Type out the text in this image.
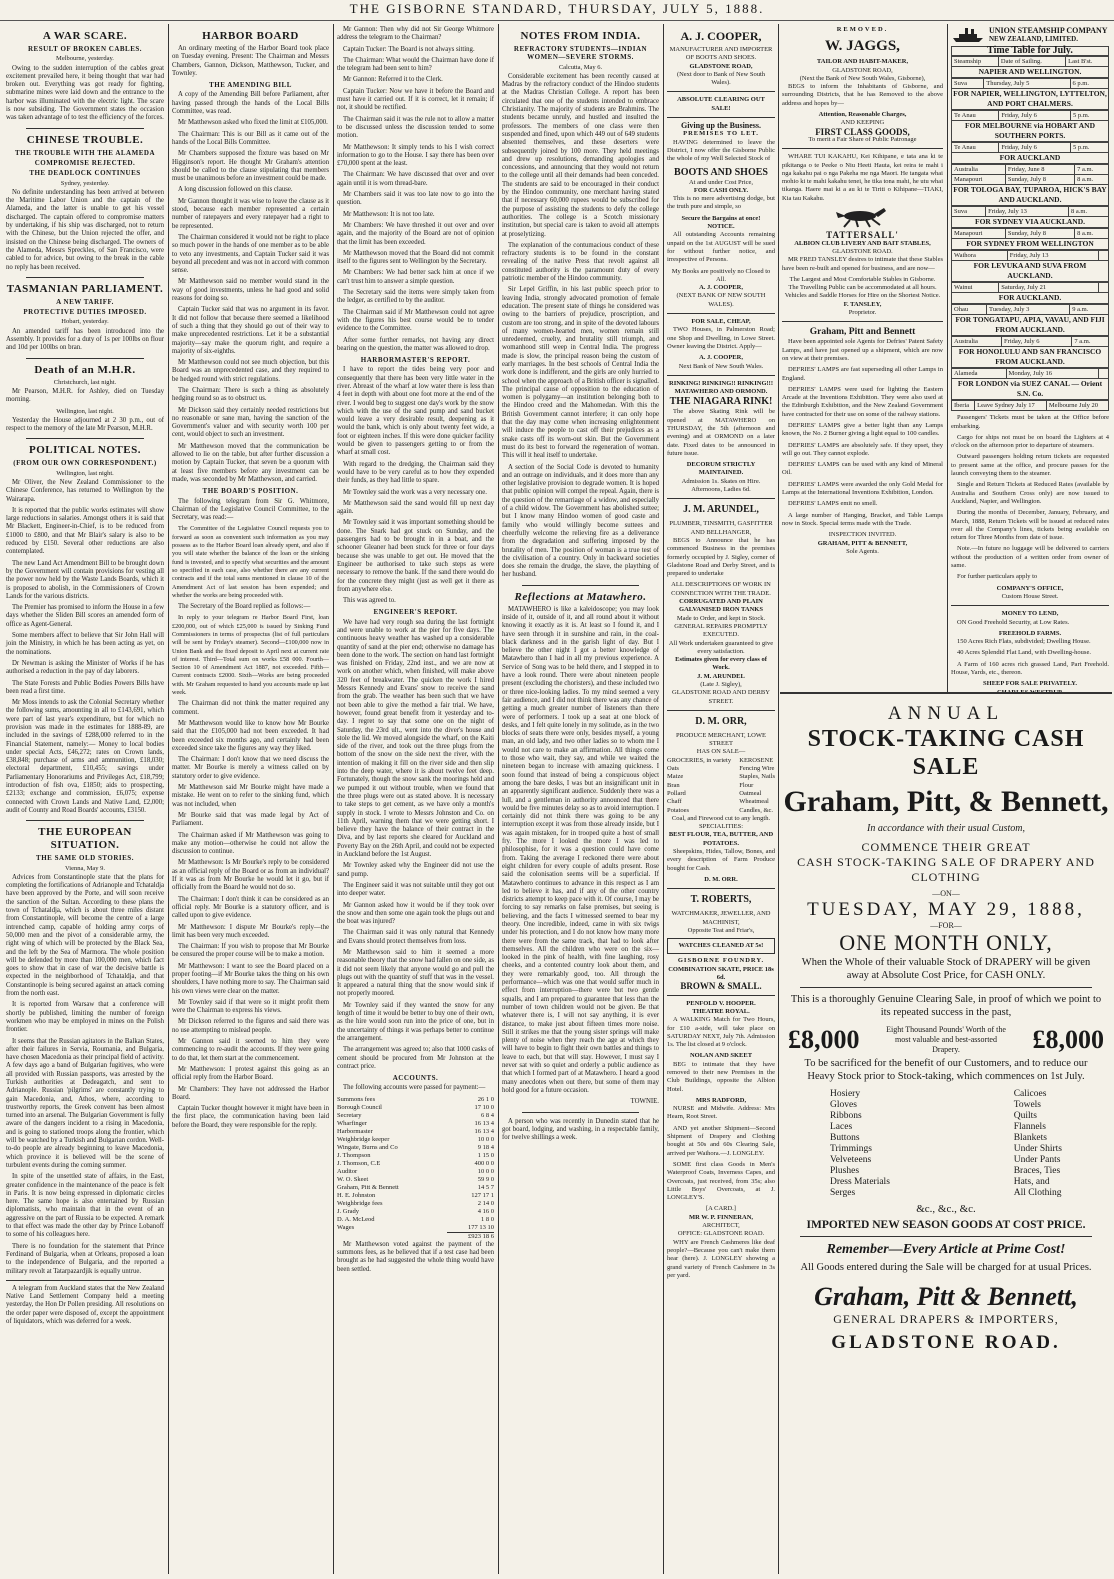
THE GISBORNE STANDARD, THURSDAY, JULY 5, 1888.
A WAR SCARE.
RESULT OF BROKEN CABLES.
Melbourne, yesterday.

Owing to the sudden interruption of the cables great excitement prevailed here, it being thought that war had broken out. Everything was got ready for fighting, submarine mines were laid down and the entrance to the harbor was illuminated with the electric light. The scare is now subsiding. The Government states the occasion was taken advantage of to test the efficiency of the forces.

CHINESE TROUBLE.
THE TROUBLE WITH THE ALAMEDA
COMPROMISE REJECTED.
THE DEADLOCK CONTINUES
Sydney, yesterday.

No definite understanding has been arrived at between the Maritime Labor Union and the captain of the Alameda, and the latter is unable to get his vessel discharged. The captain offered to compromise matters by undertaking, if his ship was discharged, not to return with the Chinese, but the Union rejected the offer, and insisted on the Chinese being discharged. The owners of the Alameda, Messrs Spreckles, of San Francisco, were cabled to for advice, but owing to the break in the cable no reply has been received.

TASMANIAN PARLIAMENT.
A NEW TARIFF.
PROTECTIVE DUTIES IMPOSED.
Hobart, yesterday.

An amended tariff has been introduced into the Assembly. It provides for a duty of 1s per 100lbs on flour and 10d per 100lbs on bran.

Death of an M.H.R.
Christchurch, last night.

Mr Pearson, M.H.R. for Ashley, died on Tuesday morning.

Wellington, last night.

Yesterday the House adjourned at 2 30 p.m., out of respect to the memory of the late Mr Pearson, M.H.R.

POLITICAL NOTES.
(FROM OUR OWN CORRESPONDENT.)
Wellington, last night.

Mr Oliver, the New Zealand Commissioner to the Chinese Conference, has returned to Wellington by the Wairarapa.

It is reported that the public works estimates will show large reductions in salaries. Amongst others it is said that Mr Blackett, Engineer-in-Chief, is to be reduced from £1000 to £800, and that Mr Blair's salary is also to be reduced by £150. Several other reductions are also contemplated.

The new Land Act Amendment Bill to be brought down by the Government will contain provisions for vesting all the power now held by the Waste Lands Boards, which it is proposed to abolish, in the Commissioners of Crown Lands for the various districts.

The Premier has promised to inform the House in a few days whether the Sliden Bill scores an amended form of office as Agent-General.

Some members affect to believe that Sir John Hall will join the Ministry, in which he has been acting as yet, on the nominations.

Dr Newman is asking the Minister of Works if he has authorised a reduction in the pay of day laborers.

The State Forests and Public Bodies Powers Bills have been read a first time.

Mr Moss intends to ask the Colonial Secretary whether the following sums, amounting in all to £143,691, which were part of last year's expenditure, but for which no provision was made in the estimates for 1888-89, are included in the savings of £288,000 referred to in the Financial Statement, namely:— Money to local bodies under special Acts, £46,272; rates on Crown lands, £38,848; purchase of arms and ammunition, £18,030; electoral department, £10,455; savings under Parliamentary Honorariums and Privileges Act, £18,799; introduction of fish ova, £1850; aids to prospecting, £2133; exchange and commission, £6,075; expense connected with Crown Lands and Native Land, £2,000; audit of County and Road Boards' accounts, £3150.

THE EUROPEAN SITUATION.
THE SAME OLD STORIES.
Vienna, May 9.

Advices from Constantinople state that the plans for completing the fortifications of Adrianople and Tchataldja have been approved by the Porte, and will soon receive the sanction of the Sultan. According to these plans the town of Tchataldja, which is about three miles distant from Constantinople, will become the centre of a large intrenched camp, capable of holding army corps of 50,000 men and the pivot of a considerable army, the right wing of which will be protected by the Black Sea, and the left by the Sea of Marmora. The whole position will be defended by more than 100,000 men, which fact goes to show that in case of war the decisive battle is expected in the neighborhood of Tchataldja, and that Constantinople is being secured against an attack coming from the north east.

It is reported from Warsaw that a conference will shortly be published, limiting the number of foreign workmen who may be employed in mines on the Polish frontier.

It seems that the Russian agitators in the Balkan States, after their failures in Servia, Roumania, and Bulgaria, have chosen Macedonia as their principal field of activity. A few days ago a band of Bulgarian fugitives, who were all provided with Russian passports, was arrested by the Turkish authorities at Dedeagatch, and sent to Adrianople. Russian 'pilgrims' are constantly trying to gain Macedonia, and, Athos, where, according to trustworthy reports, the Greek convent has been almost turned into an arsenal. The Bulgarian Government is fully aware of the dangers incident to a rising in Macedonia, and is going to stationed troops along the frontier, which will be watched by a Turkish and Bulgarian cordon. Well-to-do people are already beginning to leave Macedonia, which province it is believed will be the scene of turbulent events during the coming summer.

In spite of the unsettled state of affairs, in the East, greater confidence in the maintenance of the peace is felt in Paris. It is now being expressed in diplomatic circles here. The same hope is also entertained by Russian diplomatists, who maintain that in the event of an aggressive on the part of Russia to be expected. A remark to that effect was made the other day by Prince Lobanoff to some of his colleagues here.

There is no foundation for the statement that Prince Ferdinand of Bulgaria, when at Orleans, proposed a loan to the independence of Bulgaria, and the reported a military revolt at Tatarpazardjik is equally untrue.

A telegram from Auckland states that the New Zealand Native Land Settlement Company held a meeting yesterday, the Hon Dr Pollen presiding. All resolutions on the order paper were disposed of, except the appointment of liquidators, which was deferred for a week.

HARBOR BOARD

An ordinary meeting of the Harbor Board took place on Tuesday evening. Present: The Chairman and Messrs Chambers, Gannon, Dickson, Matthewson, Tucker, and Townley.

THE AMENDING BILL

A copy of the Amending Bill before Parliament, after having passed through the hands of the Local Bills Committee, was read.

Mr Matthewson asked who fixed the limit at £105,000.

The Chairman: This is our Bill as it came out of the hands of the Local Bills Committee.

Mr Chambers supposed the fixture was based on Mr Higginson's report. He thought Mr Graham's attention should be called to the clause stipulating that members must be unanimous before an investment could be made.

A long discussion followed on this clause.

Mr Gannon thought it was wise to leave the clause as it stood, because each member represented a certain number of ratepayers and every ratepayer had a right to be represented.

The Chairman considered it would not be right to place so much power in the hands of one member as to be able to veto any investments, and Captain Tucker said it was beyond all precedent and was not in accord with common sense.

Mr Matthewson said no member would stand in the way of good investments, unless he had good and solid reasons for doing so.

Captain Tucker said that was no argument in its favor. It did not follow that because there seemed a likelihood of such a thing that they should go out of their way to make unprecedented restrictions. Let it be a substantial majority—say make the quorum right, and require a majority of six-eighths.

Mr Matthewson could not see much objection, but this Board was an unprecedented case, and they required to be hedged round with strict regulations.

The Chairman: There is such a thing as absolutely hedging round so as to obstruct us.

Mr Dickson said they certainly needed restrictions but no reasonable or sane man, having the sanction of the Government's valuer and with security worth 100 per cent, would object to such an investment.

Mr Matthewson moved that the communication be allowed to lie on the table, but after further discussion a motion by Captain Tucker, that seven be a quorum with at least five members before any investment can be made, was seconded by Mr Matthewson, and carried.

THE BOARD'S POSITION.

The following telegram from Sir G. Whitmore, Chairman of the Legislative Council Committee, to the Secretary, was read:—

The Committee of the Legislative Council requests you to forward as soon as convenient such information as you may possess as to the Harbor Board loan already spent, and also if you will state whether the balance of the loan or the sinking fund is invested, and to specify what securities and the amount so specified in each case, also whether there are any current contracts and if the total sums mentioned in clause 10 of the Amendment Act of last session has been expended; and whether the works are being proceeded with.

The Secretary of the Board replied as follows:—

In reply to your telegram re Harbor Board First, loan £200,000, out of which £25,000 is issued by Sinking Fund Commissioners in terms of prospectus (list of full particulars will be sent by Friday's steamer). Second—£100,000 now in Union Bank and the fixed deposit to April next at current rate of interest. Third—Total sum on works £58 000. Fourth—Section 10 of Amendment Act 1887, not exceeded. Fifth—Current contracts £2000. Sixth—Works are being proceeded with. Mr Graham requested to hand you accounts made up last week.

The Chairman did not think the matter required any comment.

Mr Matthewson would like to know how Mr Bourke said that the £105,000 had not been exceeded. It had been exceeded six months ago, and certainly had been exceeded since take the figures any way they liked.

The Chairman: I don't know that we need discuss the matter. Mr Bourke is merely a witness called on by statutory order to give evidence.

Mr Matthewson said Mr Bourke might have made a mistake. He went on to refer to the sinking fund, which was not included, when

Mr Bourke said that was made legal by Act of Parliament.

The Chairman asked if Mr Matthewson was going to make any motion—otherwise he could not allow the discussion to continue.

Mr Matthewson: Is Mr Bourke's reply to be considered as an official reply of the Board or as from an individual? If it was as from Mr Bourke he would let it go, but if officially from the Board he would not do so.

The Chairman: I don't think it can be considered as an official reply. Mr Bourke is a statutory officer, and is called upon to give evidence.

Mr Matthewson: I dispute Mr Bourke's reply—the limit has been very much exceeded.

The Chairman: If you wish to propose that Mr Bourke be censured the proper course will be to make a motion.

Mr Matthewson: I want to see the Board placed on a proper footing—if Mr Bourke takes the thing on his own shoulders, I have nothing more to say. The Chairman said his own views were clear on the matter.

Mr Townley said if that were so it might profit them were the Chairman to express his views.

Mr Dickson referred to the figures and said there was no use attempting to mislead people.

Mr Gannon said it seemed to him they were commencing to re-audit the accounts. If they were going to do that, let them start at the commencement.

Mr Matthewson: I protest against this going as an official reply from the Harbor Board.

Mr Chambers: They have not addressed the Harbor Board.

Captain Tucker thought however it might have been in the first place, the communication having been laid before the Board, they were responsible for the reply.

Mr Gannon: Then why did not Sir George Whitmore address the telegram to the Chairman?

Captain Tucker: The Board is not always sitting.

The Chairman: What would the Chairman have done if the telegram had been sent to him?

Mr Gannon: Referred it to the Clerk.

Captain Tucker: Now we have it before the Board and must have it carried out. If it is correct, let it remain; if not, it should be rectified.

The Chairman said it was the rule not to allow a matter to be discussed unless the discussion tended to some motion.

Mr Matthewson: It simply tends to his I wish correct information to go to the House. I say there has been over £70,000 spent at the least.

The Chairman: We have discussed that over and over again until it is worn thread-bare.

Mr Chambers said it was too late now to go into the question.

Mr Matthewson: It is not too late.

Mr Chambers: We have threshed it out over and over again, and the majority of the Board are not of opinion that the limit has been exceeded.

Mr Matthewson moved that the Board did not commit itself to the figures sent to Wellington by the Secretary.

Mr Chambers: We had better sack him at once if we can't trust him to answer a simple question.

The Secretary said the items were simply taken from the ledger, as certified to by the auditor.

The Chairman said if Mr Matthewson could not agree with the figures his best course would be to tender evidence to the Committee.

After some further remarks, not having any direct bearing on the question, the matter was allowed to drop.

HARBORMASTER'S REPORT.

I have to report the tides being very poor and consequently that there has been very little water in the river. Abreast of the wharf at low water there is less than 4 feet in depth with about one foot more at the end of the river. I would beg to suggest one day's work by the snow which with the use of the sand pump and sand bucket would leave a very desirable result, deepening as it would the bank, which is only about twenty feet wide, a foot or eighteen inches. If this were done quicker facility would be given to passengers getting to or from the wharf at small cost.

With regard to the dredging, the Chairman said they would have to be very careful as to how they expended their funds, as they had little to spare.

Mr Townley said the work was a very necessary one.

Mr Matthewson said the sand would fill up next day again.

Mr Townley said it was important something should be done. The Snark had got stuck on Sunday, and the passengers had to be brought in in a boat, and the schooner Gleaner had been stuck for three or four days because she was unable to get out. He moved that the Engineer be authorised to take such steps as were necessary to remove the bank. If the sand there would do for the concrete they might (just as well get it there as from anywhere else.

This was agreed to.

ENGINEER'S REPORT.

We have had very rough sea during the last fortnight and were unable to work at the pier for five days. The continuous heavy weather has washed up a considerable quantity of sand at the pier end; otherwise no damage has been done to the work. The section on hand last fortnight was finished on Friday, 22nd inst., and we are now at work on another which, when finished, will make above 320 feet of breakwater. The quicken the work I hired Messrs Kennedy and Evans' snow to receive the sand from the grab. The weather has been such that we have not been able to give the method a fair trial. We have, however, found great benefit from it yesterday and to-day. I regret to say that some one on the night of Saturday, the 23rd ult., went into the diver's house and stole the lid. We moved alongside the wharf, on the Kaiti side of the river, and took out the three plugs from the bottom of the snow on the side next the river, with the intention of making it fill on the river side and then slip into the deep water, where it is about twelve feet deep. Fortunately, though the snow sank the moorings held and we pumped it out without trouble, when we found that the three plugs were out as stated above. It is necessary to take steps to get cement, as we have only a month's supply in stock. I wrote to Messrs Johnston and Co. on 11th April, warning them that we were getting short. I believe they have the balance of their contract in the Diva, and by last reports she cleared for Auckland and Poverty Bay on the 26th April, and could not be expected in Auckland before the 1st August.

Mr Townley asked why the Engineer did not use the sand pump.

The Engineer said it was not suitable until they got out into deeper water.

Mr Gannon asked how it would be if they took over the snow and then some one again took the plugs out and the boat was injured?

The Chairman said it was only natural that Kennedy and Evans should protect themselves from loss.

Mr Matthewson said to him it seemed a more reasonable theory that the snow had fallen on one side, as it did not seem likely that anyone would go and pull the plugs out with the quantity of stuff that was in the vessel. It appeared a natural thing that the snow would sink if not properly moored.

Mr Townley said if they wanted the snow for any length of time it would be better to buy one of their own, as the hire would soon run into the price of one, but in the uncertainty of things it was perhaps better to continue the arrangement.

The arrangement was agreed to; also that 1000 casks of cement should be procured from Mr Johnston at the contract price.

ACCOUNTS.

The following accounts were passed for payment:—

Summons fees	26 1 0
Borough Council	17 10 0
Secretary	6 8 4
Wharfinger	16 13 4
Harbormaster	16 13 4
Weighbridge keeper	10 0 0
Wingate, Burns and Co	9 18 4
J. Thompson	1 15 0
J. Thomson, C.E	400 0 0
Auditor	10 0 0
W. O. Skeet	59 9 0
Graham, Pitt & Bennett	14 5 7
H. E. Johnston	127 17 1
Weighbridge fees	2 14 0
J. Grady	4 16 0
D. A. McLeod	1 8 0
Wages	177 13 10
	£923 18 6

Mr Matthewson voted against the payment of the summons fees, as he believed that if a test case had been brought as he had suggested the whole thing would have been settled.

NOTES FROM INDIA.
REFRACTORY STUDENTS—INDIAN WOMEN—SEVERE STORMS.
Calcutta, May 6.

Considerable excitement has been recently caused at Madras by the refractory conduct of the Hindoo students at the Madras Christian College. A report has been circulated that one of the students intended to embrace Christianity. The majority of students are Brahmins. The students became unruly, and hustled and insulted the professors. The members of one class were then suspended and fined, upon which 449 out of 649 students absented themselves, and these deserters were subsequently joined by 100 more. They held meetings and drew up resolutions, demanding apologies and concessions, and announcing that they would not return to the college until all their demands had been conceded. The students are said to be encouraged in their conduct by the Hindoo community, one merchant having stated that if necessary 60,000 rupees would be subscribed for the purpose of assisting the students to defy the college authorities. The college is a Scotch missionary institution, but special care is taken to avoid all attempts at proselytizing.

The explanation of the contumacious conduct of these refractory students is to be found in the constant revealing of the native Press that revolt against all constituted authority is the paramount duty of every patriotic member of the Hindoo community.

Sir Lepel Griffin, in his last public speech prior to leaving India, strongly advocated promotion of female education. The present state of things he considered was owing to the barriers of prejudice, proscription, and custom are too strong, and in spite of the devoted labours of many women-hearted men, women remain still unredeemed, cruelty, and brutality still triumph, and womanhood still weep in Central India. The progress made is slow, the principal reason being the custom of early marriages. In the best schools of Central India the work done is indifferent, and the girls are only hurried to school when the approach of a British officer is signalled. The principal cause of opposition to the education of women is polygamy—an institution belonging both to the Hindoo creed and the Mahomedan. With this the British Government cannot interfere; it can only hope that the day may come when increasing enlightenment will induce the people to cast off their prejudices as a snake casts off its worn-out skin. But the Government must do its best to forward the regeneration of woman. This will it heal itself to undertake.

A section of the Social Code is devoted to humanity and an outrage on individuals, and it does more than any other legislative provision to degrade women. It is hoped that public opinion will compel the repeal. Again, there is the question of the remarriage of a widow, and especially of a child widow. The Government has abolished suttee; but I know many Hindoo women of good caste and family who would willingly become suttees and cheerfully welcome the relieving fire as a deliverance from the degradation and suffering imposed by the brutality of men. The position of woman is a true test of the civilisation of a country. Only in backward societies does she remain the drudge, the slave, the plaything of her husband.

Reflections at Matawhero.

MATAWHERO is like a kaleidoscope; you may look inside of it, outside of it, and all round about it without knowing it exactly as it is. At least so I found it, and I have seen through it in sunshine and rain, in the coal-black darkness and in the garish light of day. But I believe the other night I got a better knowledge of Matawhero than I had in all my previous experience. A Service of Song was to be held there, and I stepped in to have a look round. There were about nineteen people present (excluding the choristers), and these included two or three nice-looking ladies. To my mind seemed a very fair audience, and I did not think there was any chance of getting a much greater number of listeners than there were of performers. I took up a seat at one block of desks, and I felt quite lonely in my solitude, as in the two blocks of seats there were only, besides myself, a young man, an old lady, and two other ladies so to whom me I would not care to make an affirmation. All things come to those who wait, they say, and while we waited the nineteen began to increase with amazing quickness. I soon found that instead of being a conspicuous object among the bare desks, I was but an insignificant unit in an apparently significant audience. Suddenly there was a lull, and a gentleman in authority announced that there would be five minutes delay so as to avoid interruption. I certainly did not think there was going to be any interruption except it was from those already inside, but I was again mistaken, for in trooped quite a host of small fry. The more I looked the more I was led to philosophise, for it was a question could have come from. Taking the average I reckoned there were about eight children for every couple of adults present. Rose said the colonisation seems will be a superficial. If Matawhero continues to advance in this respect as I am led to believe it has, and if any of the other country districts attempt to keep pace with it. Of course, I may be forcing to say remarks on false premises, but seeing is believing, and the facts I witnessed seemed to bear my theory. One incredible, indeed, came in with six twigs under his protection, and I do not know how many more there were from the same track, that had to look after themselves. All the children who were on the six—looked in the pink of health, with fine laughing, rosy cheeks, and a contented country look about them, and they were remarkably good, too. All through the performance—which was one that would suffer much in effect from interruption—there were but two gentle squalls, and I am prepared to guarantee that less than the number of town children would not be given. Be that whatever there is, I will not say anything, it is ever distance, to make just about fifteen times more noise. Still it strikes me that the young sister springs will make plenty of noise when they reach the age at which they will have to begin to fight their own battles and things to leave to each, but that will stay. However, I must say I never sat with so quiet and orderly a public audience as that which I formed part of at Matawhero. I heard a good many anecdotes when out there, but some of them may hold good for a future occasion.

TOWNIE.

A person who was recently in Dunedin stated that he got board, lodging, and washing, in a respectable family, for twelve shillings a week.

A. J. COOPER,
MANUFACTURER AND IMPORTER OF BOOTS AND SHOES.
GLADSTONE ROAD,
(Next door to Bank of New South Wales).
ABSOLUTE CLEARING OUT SALE!
Giving up the Business.
PREMISES TO LET.

HAVING determined to leave the District, I now offer the Gisborne Public the whole of my Well Selected Stock of

BOOTS AND SHOES
At and under Cost Price,
FOR CASH ONLY.

This is no mere advertising dodge, but the truth pure and simple, so

Secure the Bargains at once!
NOTICE.

All outstanding Accounts remaining unpaid on the 1st AUGUST will be sued for without further notice, and irrespective of Persons.

My Books are positively no Closed to All.
A. J. COOPER,
(NEXT BANK OF NEW SOUTH WALES).
FOR SALE, CHEAP,

TWO Houses, in Palmerston Road; one Shop and Dwelling, in Lowe Street. Owner leaving the District. Apply—

A. J. COOPER,
Next Bank of New South Wales.
RINKING! RINKING!! RINKING!!!
MATAWHERO AND ORMOND.
THE NIAGARA RINK!

The above Skating Rink will be opened at MATAWHERO on THURSDAY, the 5th (afternoon and evening) and at ORMOND on a later date. Fixed dates to be announced in future issue.

DECORUM STRICTLY MAINTAINED.
Admission 1s. Skates on Hire.
Afternoons, Ladies 6d.
J. M. ARUNDEL,
PLUMBER, TINSMITH, GASFITTER AND BELLHANGER,

BEGS to Announce that he has commenced Business in the premises formerly occupied by J. Sigley, corner of Gladstone Road and Derby Street, and is prepared to undertake

ALL DESCRIPTIONS OF WORK IN CONNECTION WITH THE TRADE.
CORRUGATED AND PLAIN GALVANISED IRON TANKS
Made to Order, and kept in Stock.
GENERAL REPAIRS PROMPTLY EXECUTED.
All Work undertaken guaranteed to give every satisfaction.
Estimates given for every class of Work.
J. M. ARUNDEL
(Late J. Sigley),
GLADSTONE ROAD AND DERBY STREET.
D. M. ORR,
PRODUCE MERCHANT, LOWE STREET
HAS ON SALE—
GROCERIES, in variety
Oats
Maize
Bran
Pollard
Chaff
Potatoes
KEROSENE
Fencing Wire
Staples, Nails
Flour
Oatmeal
Wheatmeal
Candles, &c.
Coal, and Firewood cut to any length.
SPECIALITIES:
BEST FLOUR, TEA, BUTTER, AND POTATOES.

Sheepskins, Hides, Tallow, Bones, and every description of Farm Produce bought for Cash.

D. M. ORR.
T. ROBERTS,
WATCHMAKER, JEWELLER, AND MACHINIST,
Opposite Teat and Friar's,
WATCHES CLEANED AT 5s!
GISBORNE FOUNDRY.
COMBINATION SKATE, PRICE 18s 6d.
BROWN & SMALL.
PENFOLD V. HOOPER.
THEATRE ROYAL.

A WALKING Match for Two Hours, for £10 a-side, will take place on SATURDAY NEXT, July 7th. Admission 1s. The list closed at 9 o'clock.

NOLAN AND SKEET

BEG to intimate that they have removed to their new Premises in the Club Buildings, opposite the Albion Hotel.

MRS RADFORD,

NURSE and Midwife. Address: Mrs Hearn, Root Street.

AND yet another Shipment—Second Shipment of Drapery and Clothing bought at 50s and 60s Clearing Sale, arrived per Waihora.—J. LONGLEY.

SOME first class Goods in Men's Waterproof Coats, Inverness Capes, and Overcoats, just received, from 35s; also Little Boys' Overcoats, at J. LONGLEY'S.

[A CARD.]
MR W. P. FINNERAN,
ARCHITECT,
OFFICE: GLADSTONE ROAD.

WHY are French Cashmeres like deaf people?—Because you can't make them hear (here). J. LONGLEY showing a grand variety of French Cashmere in 3s per yard.

REMOVED.
W. JAGGS,
TAILOR AND HABIT-MAKER,
GLADSTONE ROAD,
(Next the Bank of New South Wales, Gisborne),

BEGS to inform the Inhabitants of Gisborne, and surrounding Districts, that he has Removed to the above address and hopes by—

Attention, Reasonable Charges,
AND KEEPING
FIRST CLASS GOODS,
To merit a Fair Share of Public Patronage

WHARE TUI KAKAHU, Kei Kihipane, e tata ana ki te pikitanga o te Peeke o Niu Heeti Hauta, kei reira te mahi i nga kakahu pai o nga Pakeha me nga Maori. He tangata whai mohio ki te mahi kakahu tenei, he tika tona mahi, he utu whai tikanga. Haere mai ki a au ki te Tiriti o Kihipane—TIAKI, Kia tau Kakahu.

TATTERSALL'
ALBION CLUB LIVERY AND BAIT STABLES,
GLADSTONE ROAD.

MR FRED TANSLEY desires to intimate that these Stables have been re-built and opened for business, and are now—

The Largest and Most Comfortable Stables in Gisborne.
The Travelling Public can be accommodated at all hours.
Vehicles and Saddle Horses for Hire on the Shortest Notice.
F. TANSLEY,
Proprietor.
Graham, Pitt and Bennett

Have been appointed sole Agents for Defries' Patent Safety Lamps, and have just opened up a shipment, which are now on view at their premises.

DEFRIES' LAMPS are fast superseding all other Lamps in England.

DEFRIES' LAMPS were used for lighting the Eastern Arcade at the Inventions Exhibition. They were also used at the Edinburgh Exhibition, and the New Zealand Government have contracted for their use on some of the railway stations.

DEFRIES' LAMPS give a better light than any Lamps known, the No. 2 Burner giving a light equal to 100 candles.

DEFRIES' LAMPS are absolutely safe. If they upset, they will go out. They cannot explode.

DEFRIES' LAMPS can be used with any kind of Mineral Oil.

DEFRIES' LAMPS were awarded the only Gold Medal for Lamps at the International Inventions Exhibition, London.

DEFRIES' LAMPS emit no smell.

A large number of Hanging, Bracket, and Table Lamps now in Stock. Special terms made with the Trade.

INSPECTION INVITED.
GRAHAM, PITT & BENNETT,
Sole Agents.
UNION STEAMSHIP COMPANY
NEW ZEALAND, LIMITED.
Time Table for July.
Steamship	Date of Sailing.	Last B'st.
NAPIER AND WELLINGTON.
Suva	Thursday, July 5	6 p.m.
FOR NAPIER, WELLINGTON, LYTTELTON, AND PORT CHALMERS.
Te Anau	Friday, July 6	5 p.m.
FOR MELBOURNE via HOBART AND SOUTHERN PORTS.
Te Anau	Friday, July 6	5 p.m.
FOR AUCKLAND
Australia	Friday, June 8	7 a.m.
Manapouri	Sunday, July 8	8 a.m.
FOR TOLOGA BAY, TUPAROA, HICK'S BAY AND AUCKLAND.
Suva	Friday, July 13	8 a.m.
FOR SYDNEY VIA AUCKLAND.
Manapouri	Sunday, July 8	8 a.m.
FOR SYDNEY FROM WELLINGTON
Waihora	Friday, July 13	
FOR LEVUKA AND SUVA FROM AUCKLAND.
Wainui	Saturday, July 21	
FOR AUCKLAND.
Ohau	Tuesday, July 3	9 a.m.
FOR TONGATAPU, APIA, VAVAU, AND FIJI FROM AUCKLAND.
Australia	Friday, July 6	7 a.m.
FOR HONOLULU AND SAN FRANCISCO FROM AUCKLAND.
Alameda	Monday, July 16	
FOR LONDON via SUEZ CANAL — Orient S.N. Co.
Iberia	Leave Sydney July 17	Melbourne July 20

Passengers' Tickets must be taken at the Office before embarking.

Cargo for ships not must be on board the Lighters at 4 o'clock on the afternoon prior to departure of steamers.

Outward passengers holding return tickets are requested to present same at the office, and procure passes for the launch conveying them to the steamer.

Single and Return Tickets at Reduced Rates (available by Australia and Southern Cross only) are now issued to Auckland, Napier, and Wellington.

During the months of December, January, February, and March, 1888, Return Tickets will be issued at reduced rates over all the Company's lines, tickets being available on return for Three Months from date of issue.

Note.—In future no luggage will be delivered to carriers without the production of a written order from owner of same.

For further particulars apply to

COMPANY'S OFFICE,
Custom House Street.
MONEY TO LEND,

ON Good Freehold Security, at Low Rates.

FREEHOLD FARMS.

150 Acres Rich Flats, subdivided; Dwelling House.

40 Acres Splendid Flat Land, with Dwelling-house.

A Farm of 160 acres rich grassed Land, Part Freehold. House, Yards, etc., thereon.

SHEEP FOR SALE PRIVATELY.
ANNUAL
STOCK-TAKING CASH SALE
Graham, Pitt, & Bennett,
In accordance with their usual Custom,
COMMENCE THEIR GREAT
CASH STOCK-TAKING SALE OF DRAPERY AND CLOTHING
—ON—
TUESDAY, MAY 29, 1888,
—FOR—
ONE MONTH ONLY,
When the Whole of their valuable Stock of DRAPERY will be given away at Absolute Cost Price, for CASH ONLY.
This is a thoroughly Genuine Clearing Sale, in proof of which we point to its repeated success in the past,
£8,000	Eight Thousand Pounds' Worth of the most valuable and best-assorted Drapery.	£8,000
To be sacrificed for the benefit of our Customers, and to reduce our Heavy Stock prior to Stock-taking, which commences on 1st July.
Hosiery
Gloves
Ribbons
Laces
Buttons
Trimmings
Velveteens
Plushes
Dress Materials
Serges
Calicoes
Towels
Quilts
Flannels
Blankets
Under Shirts
Under Pants
Braces, Ties
Hats, and
All Clothing
&c., &c., &c.
IMPORTED NEW SEASON GOODS AT COST PRICE.
Remember—Every Article at Prime Cost!
All Goods entered during the Sale will be charged for at usual Prices.
Graham, Pitt & Bennett,
GENERAL DRAPERS & IMPORTERS,
GLADSTONE ROAD.
